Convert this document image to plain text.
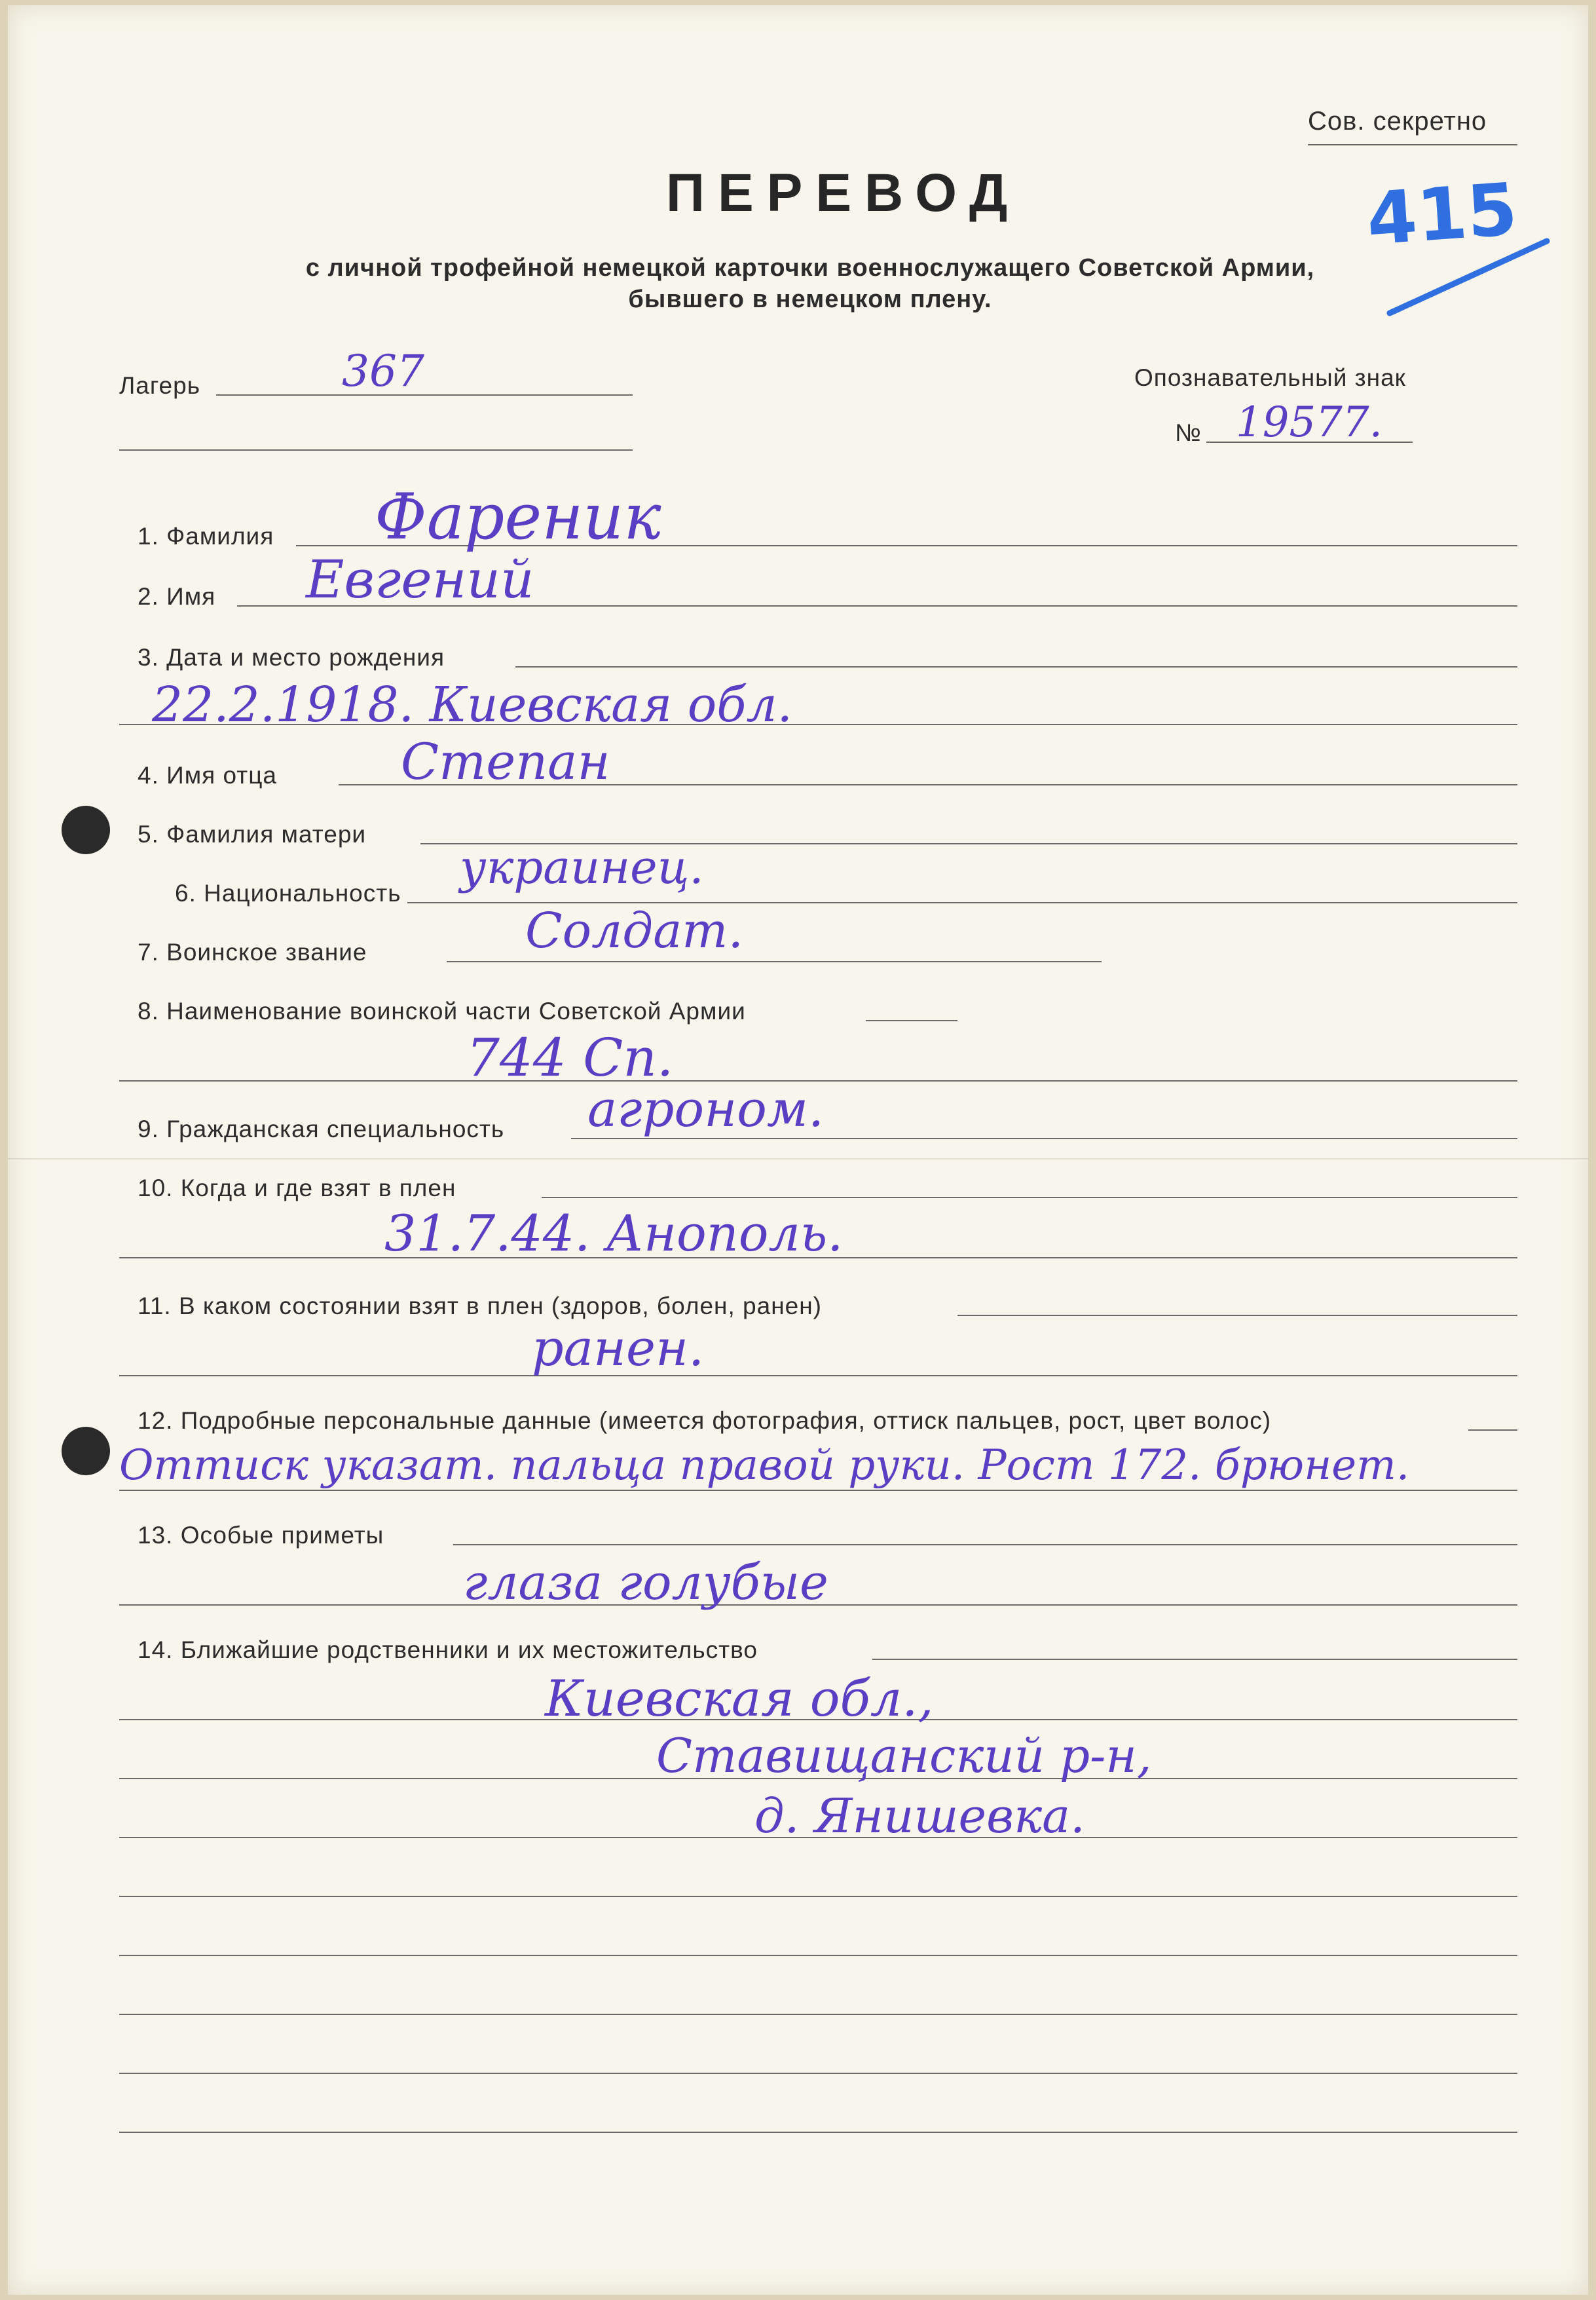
Сов. секретно
415
ПЕРЕВОД
с личной трофейной немецкой карточки военнослужащего Советской Армии,
бывшего в немецком плену.
Лагерь	367	Опознавательный знак
№ 19577.
1. Фамилия Фареник
2. Имя Евгений
3. Дата и место рождения
22.2.1918. Киевская обл.
4. Имя отца Степан
5. Фамилия матери
6. Национальность украинец.
7. Воинское звание	Солдат.
8. Наименование воинской части Советской Армии
744 Сп.
9. Гражданская специальность агроном.
10. Когда и где взят в плен
31.7.44. Анополь.
11. В каком состоянии взят в плен (здоров, болен, ранен)
ранен.
12. Подробные персональные данные (имеется фотография, оттиск пальцев, рост, цвет волос)
Оттиск указат. пальца правой руки. Рост 172. брюнет.
13. Особые приметы
глаза голубые
14. Ближайшие родственники и их местожительство
Киевская обл.,
Ставищанский р-н,
д. Янишевка.
